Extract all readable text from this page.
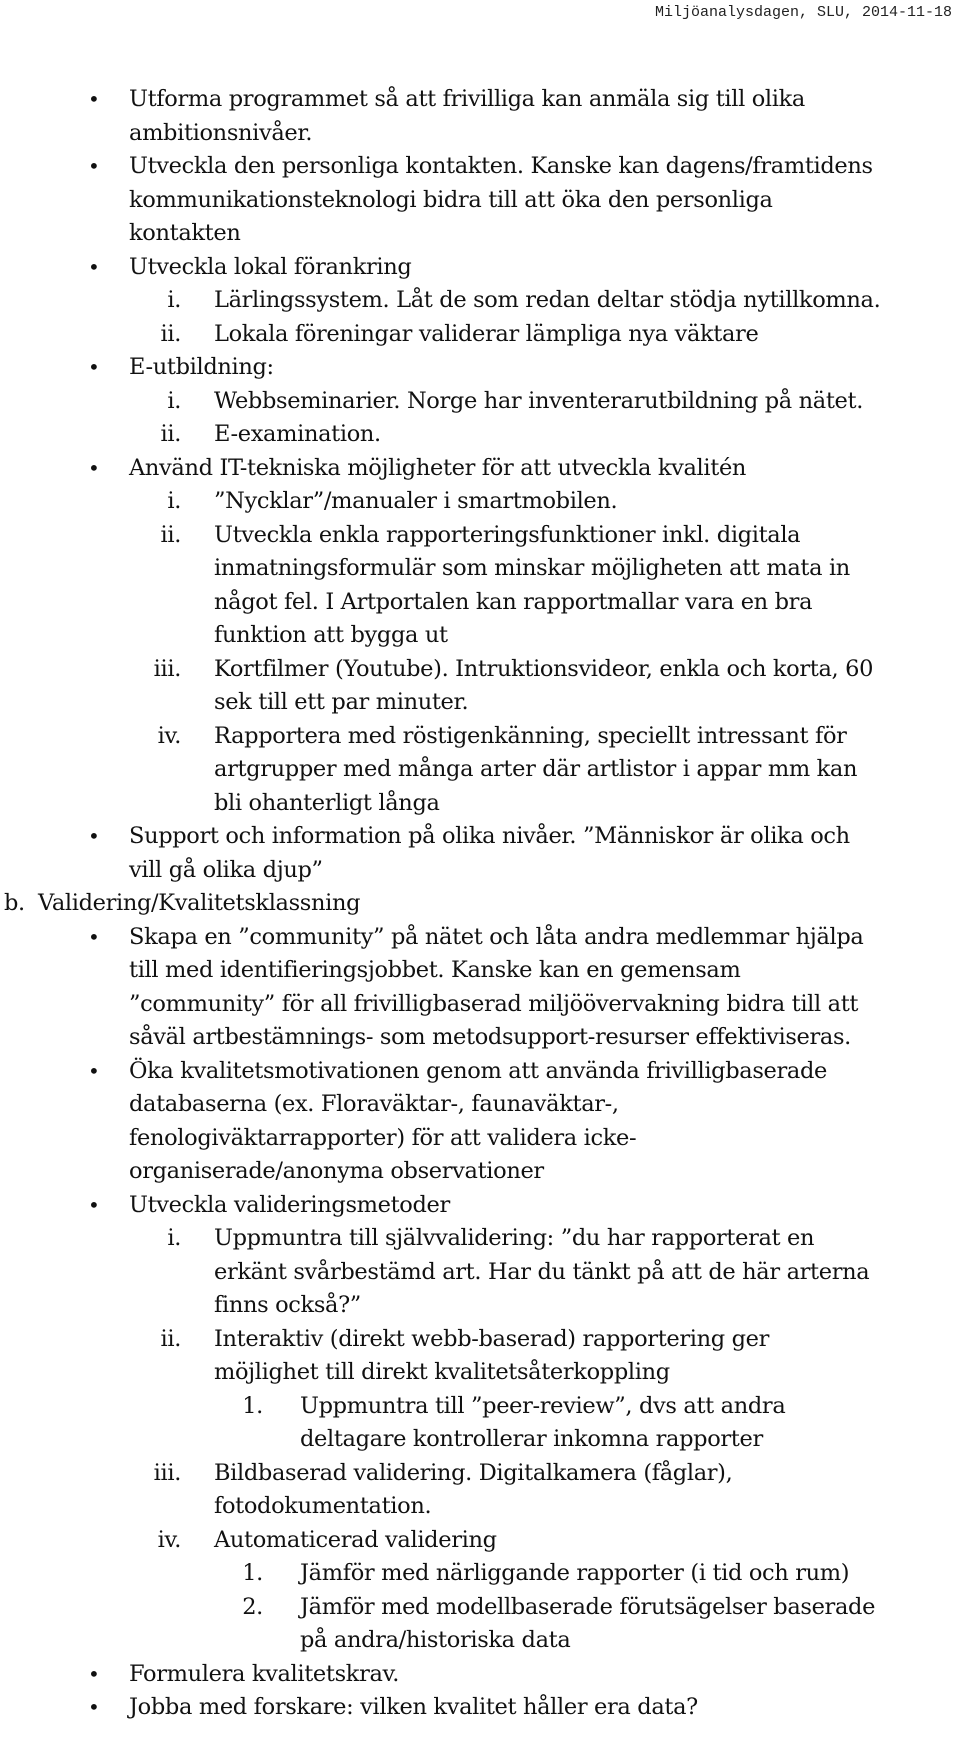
Miljöanalysdagen, SLU, 2014-11-18
• Utforma programmet så att frivilliga kan anmäla sig till olika
ambitionsnivåer.
• Utveckla den personliga kontakten. Kanske kan dagens/framtidens
kommunikationsteknologi bidra till att öka den personliga
kontakten
• Utveckla lokal förankring
i. Lärlingssystem. Låt de som redan deltar stödja nytillkomna.
ii. Lokala föreningar validerar lämpliga nya väktare
• E-utbildning:
i. Webbseminarier. Norge har inventerarutbildning på nätet.
ii. E-examination.
• Använd IT-tekniska möjligheter för att utveckla kvalitén
i. ”Nycklar”/manualer i smartmobilen.
ii. Utveckla enkla rapporteringsfunktioner inkl. digitala
inmatningsformulär som minskar möjligheten att mata in
något fel. I Artportalen kan rapportmallar vara en bra
funktion att bygga ut
iii. Kortfilmer (Youtube). Intruktionsvideor, enkla och korta, 60
sek till ett par minuter.
iv. Rapportera med röstigenkänning, speciellt intressant för
artgrupper med många arter där artlistor i appar mm kan
bli ohanterligt långa
• Support och information på olika nivåer. ”Människor är olika och
vill gå olika djup”
b. Validering/Kvalitetsklassning
• Skapa en ”community” på nätet och låta andra medlemmar hjälpa
till med identifieringsjobbet. Kanske kan en gemensam
”community” för all frivilligbaserad miljöövervakning bidra till att
såväl artbestämnings- som metodsupport-resurser effektiviseras.
• Öka kvalitetsmotivationen genom att använda frivilligbaserade
databaserna (ex. Floraväktar-, faunaväktar-,
fenologiväktarrapporter) för att validera icke-
organiserade/anonyma observationer
• Utveckla valideringsmetoder
i. Uppmuntra till självvalidering: ”du har rapporterat en
erkänt svårbestämd art. Har du tänkt på att de här arterna
finns också?”
ii. Interaktiv (direkt webb-baserad) rapportering ger
möjlighet till direkt kvalitetsåterkoppling
1. Uppmuntra till ”peer-review”, dvs att andra
deltagare kontrollerar inkomna rapporter
iii. Bildbaserad validering. Digitalkamera (fåglar),
fotodokumentation.
iv. Automaticerad validering
1. Jämför med närliggande rapporter (i tid och rum)
2. Jämför med modellbaserade förutsägelser baserade
på andra/historiska data
• Formulera kvalitetskrav.
• Jobba med forskare: vilken kvalitet håller era data?
